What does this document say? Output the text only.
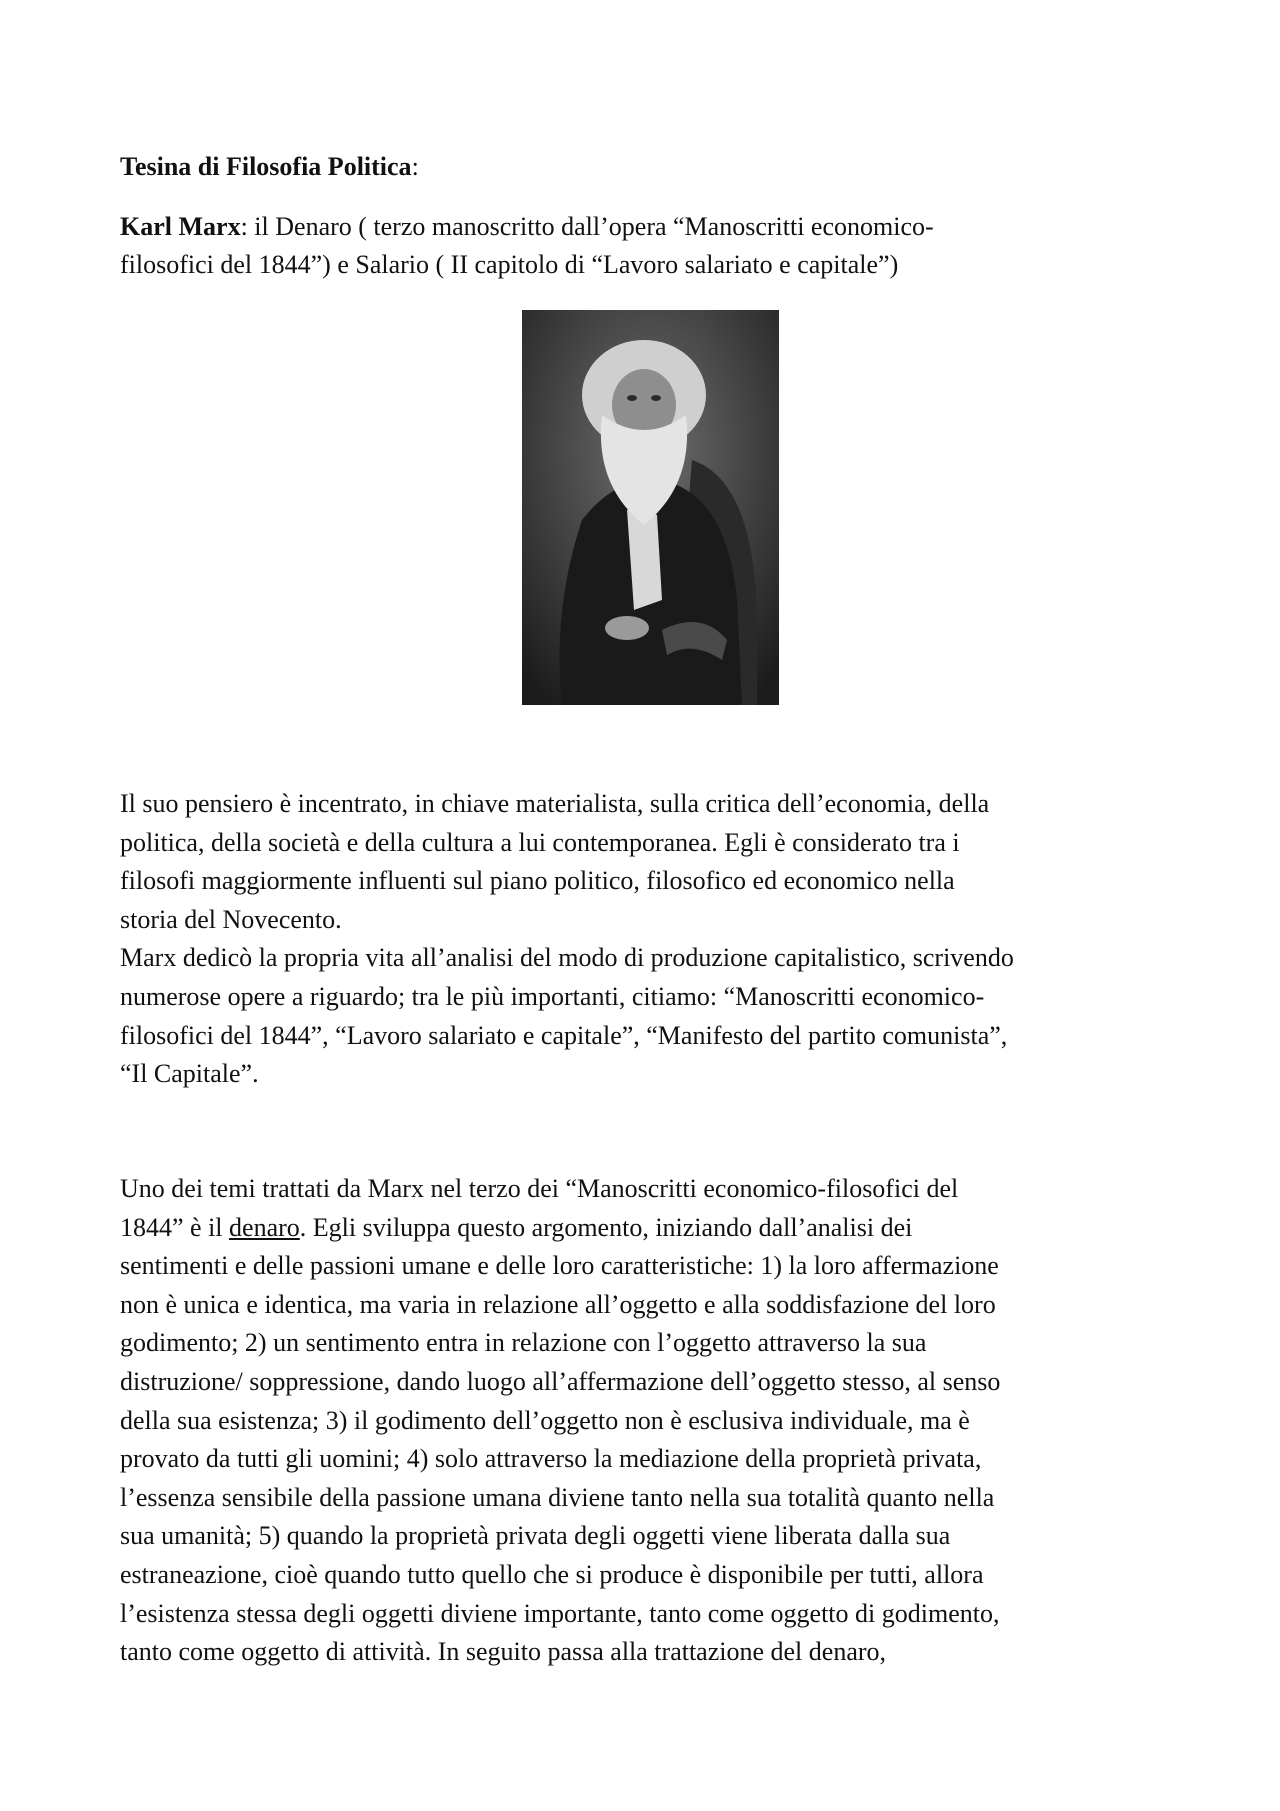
Tesina di Filosofia Politica:

Karl Marx: il Denaro ( terzo manoscritto dall’opera “Manoscritti economico-
filosofici del 1844”) e Salario ( II capitolo di “Lavoro salariato e capitale”)

Il suo pensiero è incentrato, in chiave materialista, sulla critica dell’economia, della
politica, della società e della cultura a lui contemporanea. Egli è considerato tra i
filosofi maggiormente influenti sul piano politico, filosofico ed economico nella
storia del Novecento.
Marx dedicò la propria vita all’analisi del modo di produzione capitalistico, scrivendo
numerose opere a riguardo; tra le più importanti, citiamo: “Manoscritti economico-
filosofici del 1844”, “Lavoro salariato e capitale”, “Manifesto del partito comunista”,
“Il Capitale”.
Uno dei temi trattati da Marx nel terzo dei “Manoscritti economico-filosofici del
1844” è il denaro. Egli sviluppa questo argomento, iniziando dall’analisi dei
sentimenti e delle passioni umane e delle loro caratteristiche: 1) la loro affermazione
non è unica e identica, ma varia in relazione all’oggetto e alla soddisfazione del loro
godimento; 2) un sentimento entra in relazione con l’oggetto attraverso la sua
distruzione/ soppressione, dando luogo all’affermazione dell’oggetto stesso, al senso
della sua esistenza; 3) il godimento dell’oggetto non è esclusiva individuale, ma è
provato da tutti gli uomini; 4) solo attraverso la mediazione della proprietà privata,
l’essenza sensibile della passione umana diviene tanto nella sua totalità quanto nella
sua umanità; 5) quando la proprietà privata degli oggetti viene liberata dalla sua
estraneazione, cioè quando tutto quello che si produce è disponibile per tutti, allora
l’esistenza stessa degli oggetti diviene importante, tanto come oggetto di godimento,
tanto come oggetto di attività. In seguito passa alla trattazione del denaro,
